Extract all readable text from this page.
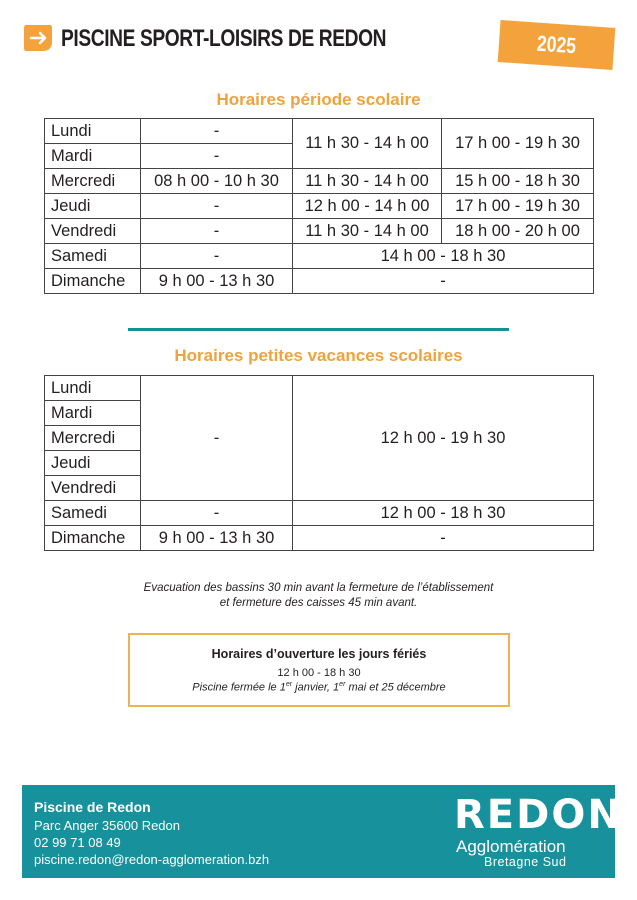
PISCINE SPORT-LOISIRS DE REDON	2025
Horaires période scolaire
Lundi	-	11 h 30 - 14 h 00	17 h 00 - 19 h 30
Mardi	-		
Mercredi	08 h 00 - 10 h 30	11 h 30 - 14 h 00	15 h 00 - 18 h 30
Jeudi	-	12 h 00 - 14 h 00	17 h 00 - 19 h 30
Vendredi	-	11 h 30 - 14 h 00	18 h 00 - 20 h 00
Samedi	-	14 h 00 - 18 h 30	
Dimanche	9 h 00 - 13 h 30	-	
Horaires petites vacances scolaires
Lundi	-	12 h 00 - 19 h 30
Mardi		
Mercredi		
Jeudi		
Vendredi		
Samedi	-	12 h 00 - 18 h 30
Dimanche	9 h 00 - 13 h 30	-
Evacuation des bassins 30 min avant la fermeture de l’établissement
et fermeture des caisses 45 min avant.
Horaires d’ouverture les jours fériés
12 h 00 - 18 h 30
Piscine fermée le 1er janvier, 1er mai et 25 décembre
Piscine de Redon
Parc Anger 35600 Redon
02 99 71 08 49
piscine.redon@redon-agglomeration.bzh
REDON
Agglomération
Bretagne Sud
